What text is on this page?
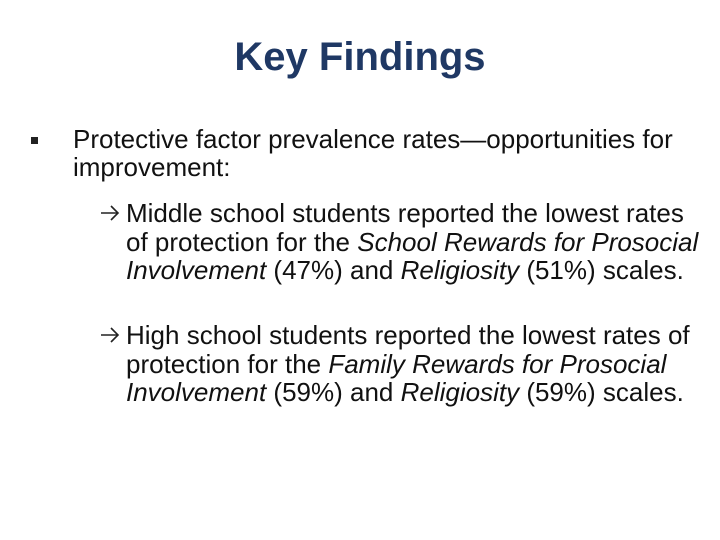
Key Findings
Protective factor prevalence rates—opportunities for improvement:
Middle school students reported the lowest rates of protection for the School Rewards for Prosocial Involvement (47%) and Religiosity (51%) scales.
High school students reported the lowest rates of protection for the Family Rewards for Prosocial Involvement (59%) and Religiosity (59%) scales.
